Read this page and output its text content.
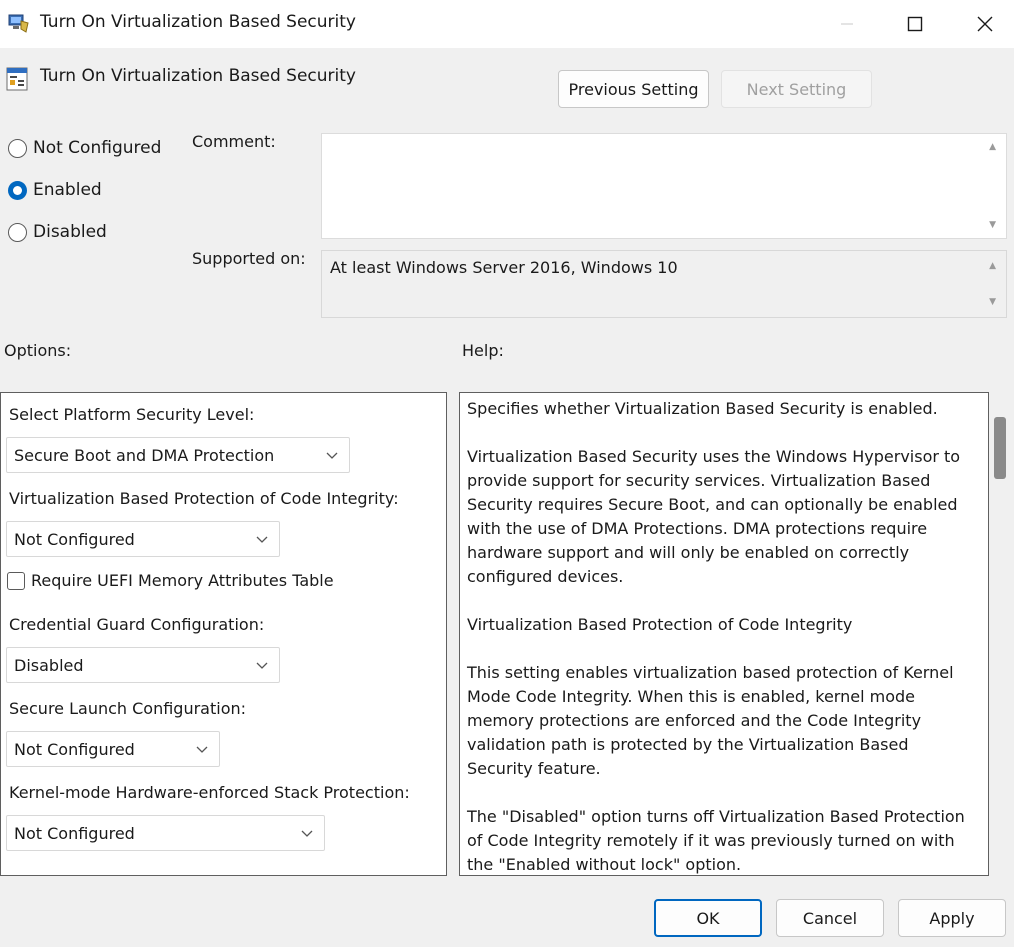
Turn On Virtualization Based Security
Turn On Virtualization Based Security
Previous Setting	Next Setting
Not Configured
Enabled
Disabled
Comment:	▲
▼
Supported on: At least Windows Server 2016, Windows 10	▲
▼
Options:	Help:
Select Platform Security Level:
Secure Boot and DMA Protection
Virtualization Based Protection of Code Integrity:
Not Configured
Require UEFI Memory Attributes Table
Credential Guard Configuration:
Disabled
Secure Launch Configuration:
Not Configured
Kernel-mode Hardware-enforced Stack Protection:
Not Configured

Specifies whether Virtualization Based Security is enabled.

Virtualization Based Security uses the Windows Hypervisor to provide support for security services. Virtualization Based Security requires Secure Boot, and can optionally be enabled with the use of DMA Protections. DMA protections require hardware support and will only be enabled on correctly configured devices.

Virtualization Based Protection of Code Integrity

This setting enables virtualization based protection of Kernel Mode Code Integrity. When this is enabled, kernel mode memory protections are enforced and the Code Integrity validation path is protected by the Virtualization Based Security feature.

The "Disabled" option turns off Virtualization Based Protection of Code Integrity remotely if it was previously turned on with the "Enabled without lock" option.

OK	Cancel	Apply
